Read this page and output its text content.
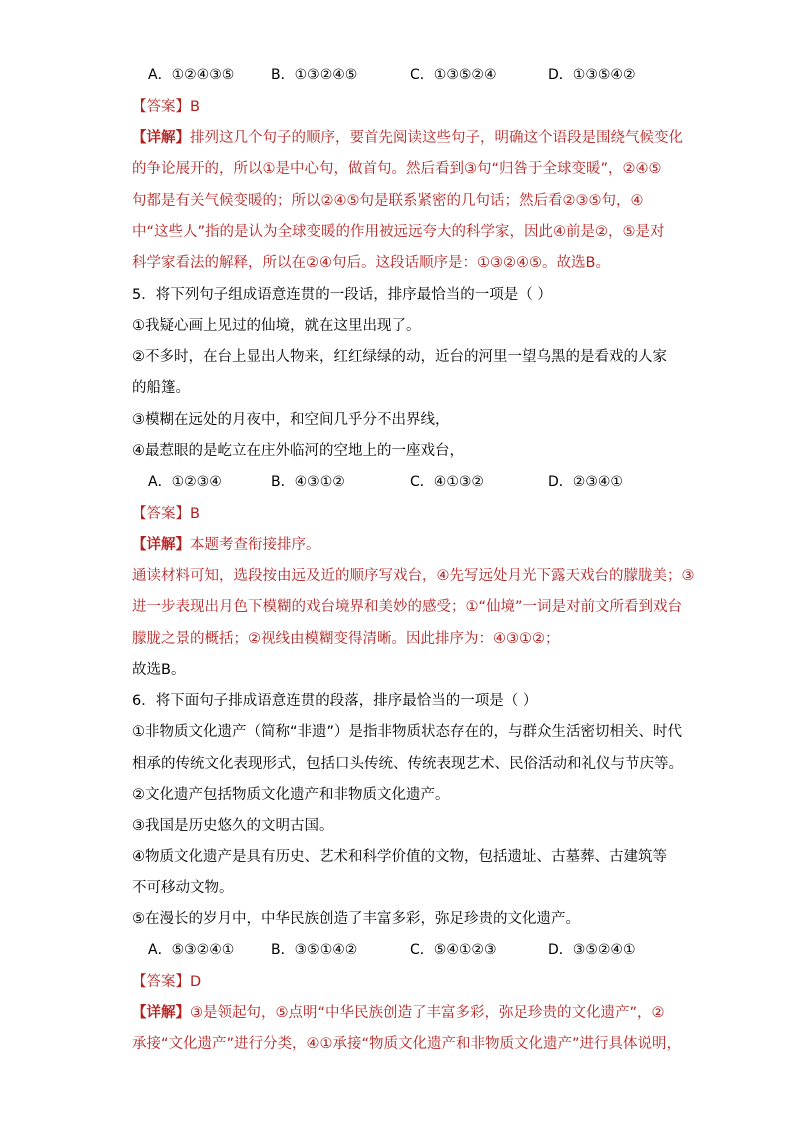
A．①②④③⑤	B．①③②④⑤	C．①③⑤②④	D．①③⑤④②
【答案】B
【详解】排列这几个句子的顺序，要首先阅读这些句子，明确这个语段是围绕气候变化
的争论展开的，所以①是中心句，做首句。然后看到③句“归咎于全球变暖”，②④⑤
句都是有关气候变暖的；所以②④⑤句是联系紧密的几句话；然后看②③⑤句，④
中“这些人”指的是认为全球变暖的作用被远远夸大的科学家，因此④前是②，⑤是对
科学家看法的解释，所以在②④句后。这段话顺序是：①③②④⑤。故选B。
5．将下列句子组成语意连贯的一段话，排序最恰当的一项是（ ）
①我疑心画上见过的仙境，就在这里出现了。
②不多时，在台上显出人物来，红红绿绿的动，近台的河里一望乌黑的是看戏的人家
的船篷。
③模糊在远处的月夜中，和空间几乎分不出界线，
④最惹眼的是屹立在庄外临河的空地上的一座戏台，
A．①②③④	B．④③①②	C．④①③②	D．②③④①
【答案】B
【详解】本题考查衔接排序。
通读材料可知，选段按由远及近的顺序写戏台，④先写远处月光下露天戏台的朦胧美；③
进一步表现出月色下模糊的戏台境界和美妙的感受；①“仙境”一词是对前文所看到戏台
朦胧之景的概括；②视线由模糊变得清晰。因此排序为：④③①②；
故选B。
6．将下面句子排成语意连贯的段落，排序最恰当的一项是（ ）
①非物质文化遗产（简称“非遗”）是指非物质状态存在的，与群众生活密切相关、时代
相承的传统文化表现形式，包括口头传统、传统表现艺术、民俗活动和礼仪与节庆等。
②文化遗产包括物质文化遗产和非物质文化遗产。
③我国是历史悠久的文明古国。
④物质文化遗产是具有历史、艺术和科学价值的文物，包括遗址、古墓葬、古建筑等
不可移动文物。
⑤在漫长的岁月中，中华民族创造了丰富多彩，弥足珍贵的文化遗产。
A．⑤③②④①	B．③⑤①④②	C．⑤④①②③	D．③⑤②④①
【答案】D
【详解】③是领起句，⑤点明“中华民族创造了丰富多彩，弥足珍贵的文化遗产”，②
承接“文化遗产”进行分类，④①承接“物质文化遗产和非物质文化遗产”进行具体说明，
